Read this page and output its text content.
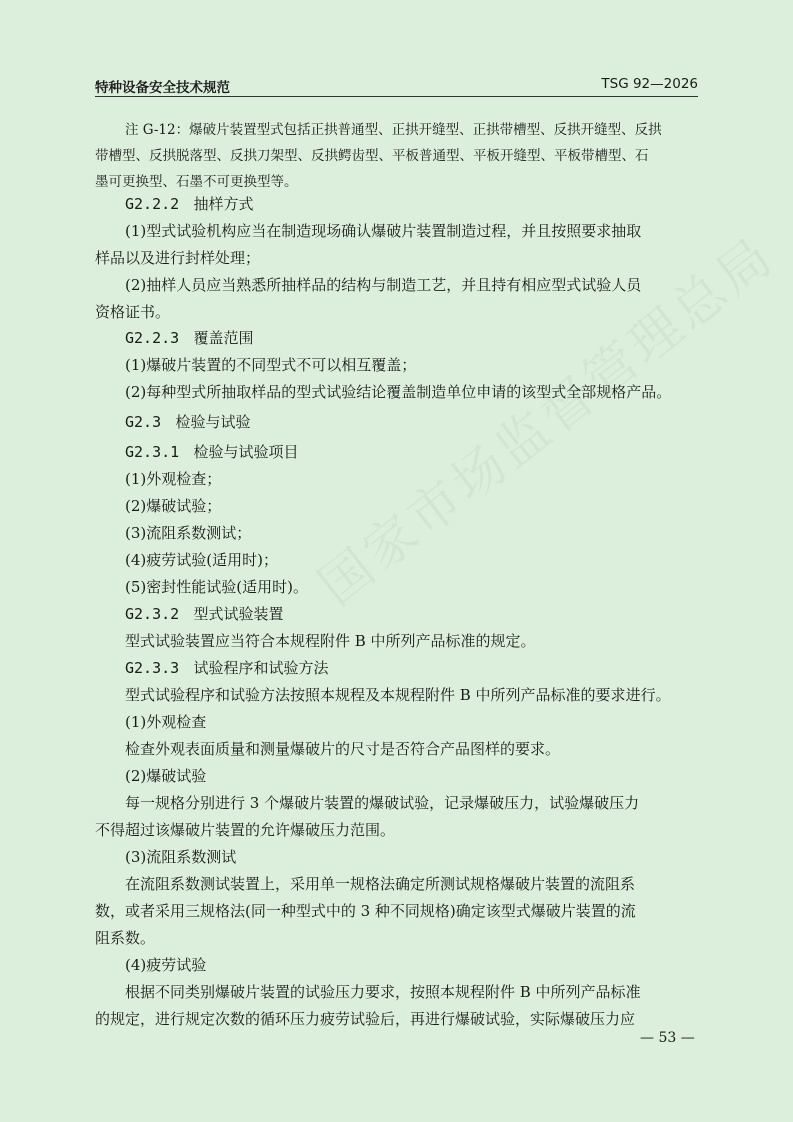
特种设备安全技术规范	TSG 92—2026
注 G-12：爆破片装置型式包括正拱普通型、正拱开缝型、正拱带槽型、反拱开缝型、反拱
带槽型、反拱脱落型、反拱刀架型、反拱鳄齿型、平板普通型、平板开缝型、平板带槽型、石
墨可更换型、石墨不可更换型等。
G2.2.2 抽样方式
(1)型式试验机构应当在制造现场确认爆破片装置制造过程，并且按照要求抽取
样品以及进行封样处理；
(2)抽样人员应当熟悉所抽样品的结构与制造工艺，并且持有相应型式试验人员
资格证书。
G2.2.3 覆盖范围
(1)爆破片装置的不同型式不可以相互覆盖；
(2)每种型式所抽取样品的型式试验结论覆盖制造单位申请的该型式全部规格产品。
G2.3 检验与试验
G2.3.1 检验与试验项目
(1)外观检查；
(2)爆破试验；
(3)流阻系数测试；
(4)疲劳试验(适用时)；
(5)密封性能试验(适用时)。
G2.3.2 型式试验装置
型式试验装置应当符合本规程附件 B 中所列产品标准的规定。
G2.3.3 试验程序和试验方法
型式试验程序和试验方法按照本规程及本规程附件 B 中所列产品标准的要求进行。
(1)外观检查
检查外观表面质量和测量爆破片的尺寸是否符合产品图样的要求。
(2)爆破试验
每一规格分别进行 3 个爆破片装置的爆破试验，记录爆破压力，试验爆破压力
不得超过该爆破片装置的允许爆破压力范围。
(3)流阻系数测试
在流阻系数测试装置上，采用单一规格法确定所测试规格爆破片装置的流阻系
数，或者采用三规格法(同一种型式中的 3 种不同规格)确定该型式爆破片装置的流
阻系数。
(4)疲劳试验
根据不同类别爆破片装置的试验压力要求，按照本规程附件 B 中所列产品标准
的规定，进行规定次数的循环压力疲劳试验后，再进行爆破试验，实际爆破压力应
— 53 —
